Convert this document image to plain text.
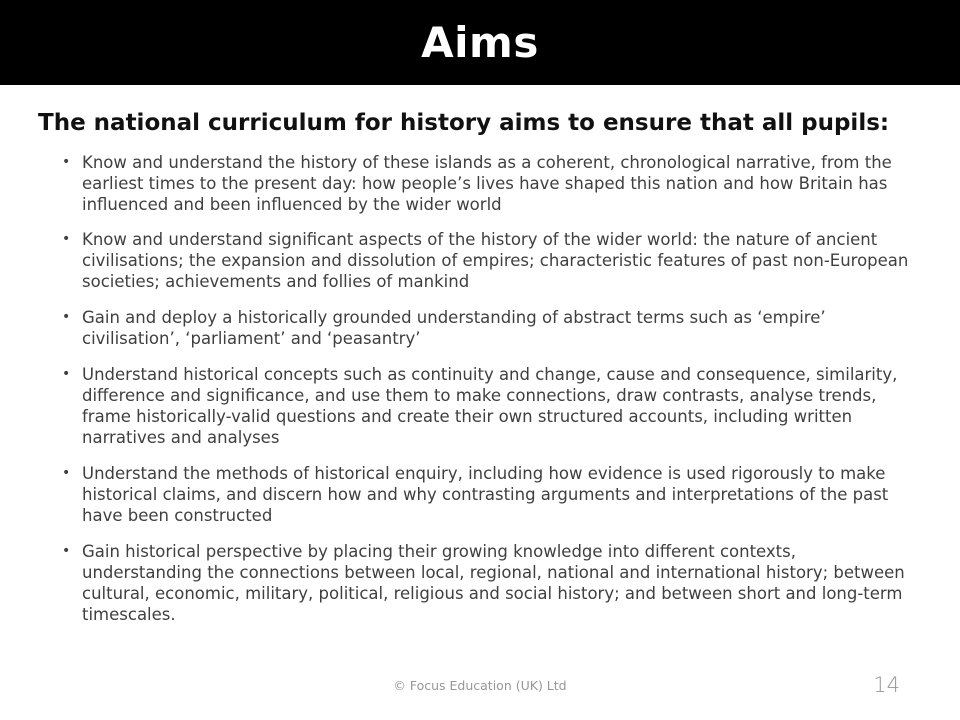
Aims
The national curriculum for history aims to ensure that all pupils:
• Know and understand the history of these islands as a coherent, chronological narrative, from the earliest times to the present day: how people’s lives have shaped this nation and how Britain has influenced and been influenced by the wider world
• Know and understand significant aspects of the history of the wider world: the nature of ancient civilisations; the expansion and dissolution of empires; characteristic features of past non-European societies; achievements and follies of mankind
• Gain and deploy a historically grounded understanding of abstract terms such as ‘empire’ civilisation’, ‘parliament’ and ‘peasantry’
• Understand historical concepts such as continuity and change, cause and consequence, similarity, difference and significance, and use them to make connections, draw contrasts, analyse trends, frame historically-valid questions and create their own structured accounts, including written narratives and analyses
• Understand the methods of historical enquiry, including how evidence is used rigorously to make historical claims, and discern how and why contrasting arguments and interpretations of the past have been constructed
• Gain historical perspective by placing their growing knowledge into different contexts, understanding the connections between local, regional, national and international history; between cultural, economic, military, political, religious and social history; and between short and long-term timescales.
© Focus Education (UK) Ltd	14
